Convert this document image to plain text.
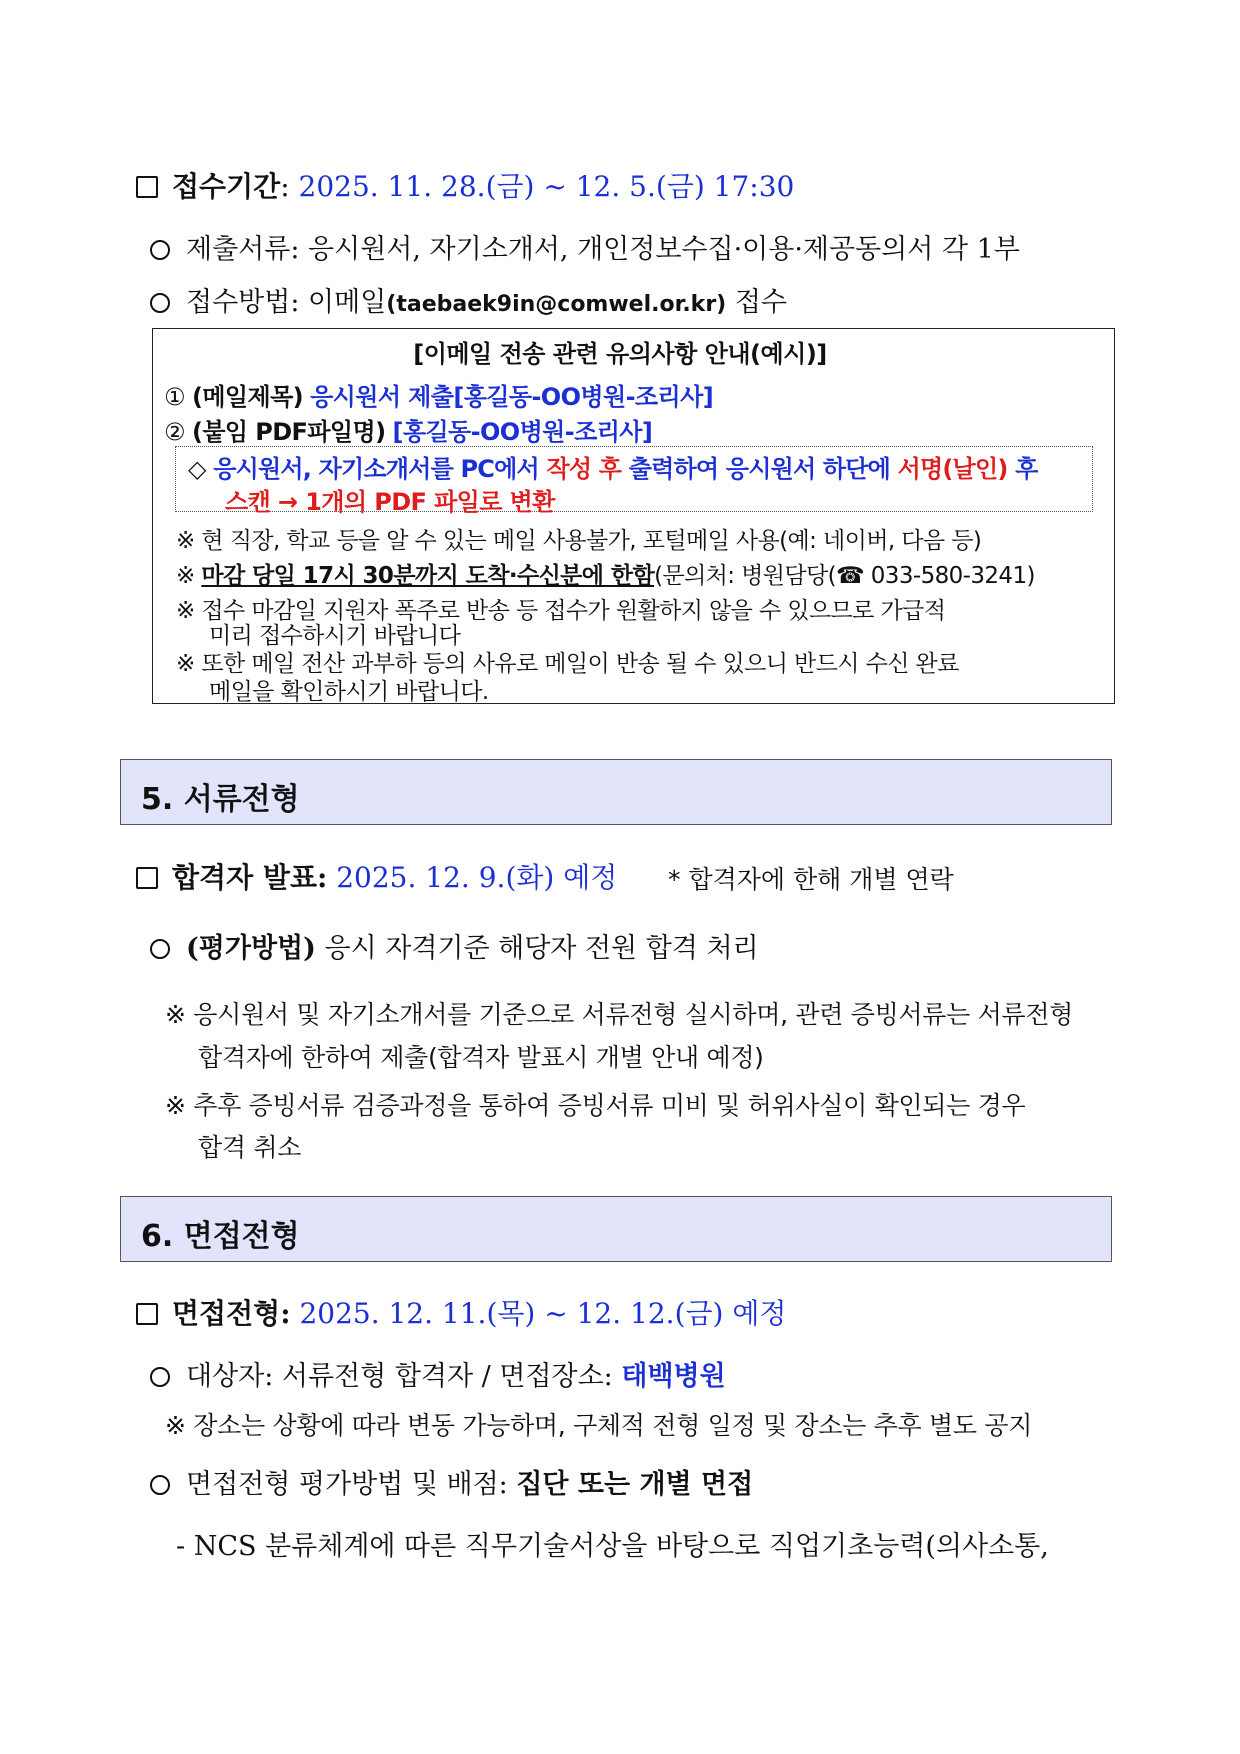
접수기간: 2025. 11. 28.(금) ~ 12. 5.(금) 17:30
제출서류: 응시원서, 자기소개서, 개인정보수집·이용·제공동의서 각 1부
접수방법: 이메일(taebaek9in@comwel.or.kr) 접수
[이메일 전송 관련 유의사항 안내(예시)]
① (메일제목) 응시원서 제출[홍길동-OO병원-조리사]
② (붙임 PDF파일명) [홍길동-OO병원-조리사]
◇ 응시원서, 자기소개서를 PC에서 작성 후 출력하여 응시원서 하단에 서명(날인) 후
스캔 → 1개의 PDF 파일로 변환
※ 현 직장, 학교 등을 알 수 있는 메일 사용불가, 포털메일 사용(예: 네이버, 다음 등)
※ 마감 당일 17시 30분까지 도착·수신분에 한함(문의처: 병원담당(☎ 033-580-3241)
※ 접수 마감일 지원자 폭주로 반송 등 접수가 원활하지 않을 수 있으므로 가급적
미리 접수하시기 바랍니다
※ 또한 메일 전산 과부하 등의 사유로 메일이 반송 될 수 있으니 반드시 수신 완료
메일을 확인하시기 바랍니다.
5. 서류전형
합격자 발표: 2025. 12. 9.(화) 예정 * 합격자에 한해 개별 연락
(평가방법) 응시 자격기준 해당자 전원 합격 처리
※ 응시원서 및 자기소개서를 기준으로 서류전형 실시하며, 관련 증빙서류는 서류전형
합격자에 한하여 제출(합격자 발표시 개별 안내 예정)
※ 추후 증빙서류 검증과정을 통하여 증빙서류 미비 및 허위사실이 확인되는 경우
합격 취소
6. 면접전형
면접전형: 2025. 12. 11.(목) ~ 12. 12.(금) 예정
대상자: 서류전형 합격자 / 면접장소: 태백병원
※ 장소는 상황에 따라 변동 가능하며, 구체적 전형 일정 및 장소는 추후 별도 공지
면접전형 평가방법 및 배점: 집단 또는 개별 면접
- NCS 분류체계에 따른 직무기술서상을 바탕으로 직업기초능력(의사소통,
